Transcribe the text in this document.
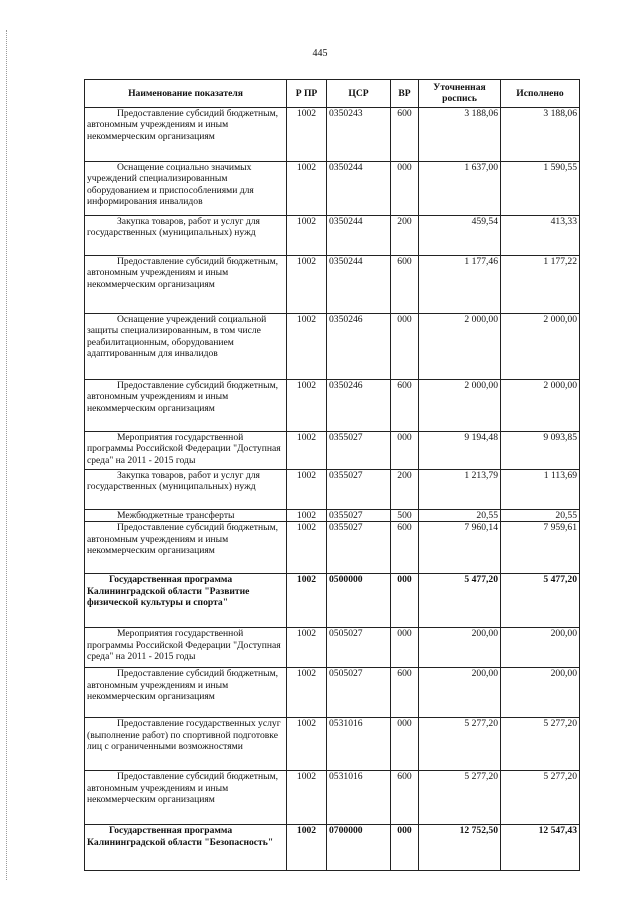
445
Наименование показателя	Р ПР	ЦСР	ВР	Уточненная роспись	Исполнено
Предоставление субсидий бюджетным, автономным учреждениям и иным некоммерческим организациям	1002	0350243	600	3 188,06	3 188,06
Оснащение социально значимых учреждений специализированным оборудованием и приспособлениями для информирования инвалидов	1002	0350244	000	1 637,00	1 590,55
Закупка товаров, работ и услуг для государственных (муниципальных) нужд	1002	0350244	200	459,54	413,33
Предоставление субсидий бюджетным, автономным учреждениям и иным некоммерческим организациям	1002	0350244	600	1 177,46	1 177,22
Оснащение учреждений социальной защиты специализированным, в том числе реабилитационным, оборудованием адаптированным для инвалидов	1002	0350246	000	2 000,00	2 000,00
Предоставление субсидий бюджетным, автономным учреждениям и иным некоммерческим организациям	1002	0350246	600	2 000,00	2 000,00
Мероприятия государственной программы Российской Федерации "Доступная среда" на 2011 - 2015 годы	1002	0355027	000	9 194,48	9 093,85
Закупка товаров, работ и услуг для государственных (муниципальных) нужд	1002	0355027	200	1 213,79	1 113,69
Межбюджетные трансферты	1002	0355027	500	20,55	20,55
Предоставление субсидий бюджетным, автономным учреждениям и иным некоммерческим организациям	1002	0355027	600	7 960,14	7 959,61
Государственная программа Калининградской области "Развитие физической культуры и спорта"	1002	0500000	000	5 477,20	5 477,20
Мероприятия государственной программы Российской Федерации "Доступная среда" на 2011 - 2015 годы	1002	0505027	000	200,00	200,00
Предоставление субсидий бюджетным, автономным учреждениям и иным некоммерческим организациям	1002	0505027	600	200,00	200,00
Предоставление государственных услуг (выполнение работ) по спортивной подготовке лиц с ограниченными возможностями	1002	0531016	000	5 277,20	5 277,20
Предоставление субсидий бюджетным, автономным учреждениям и иным некоммерческим организациям	1002	0531016	600	5 277,20	5 277,20
Государственная программа Калининградской области "Безопасность"	1002	0700000	000	12 752,50	12 547,43
